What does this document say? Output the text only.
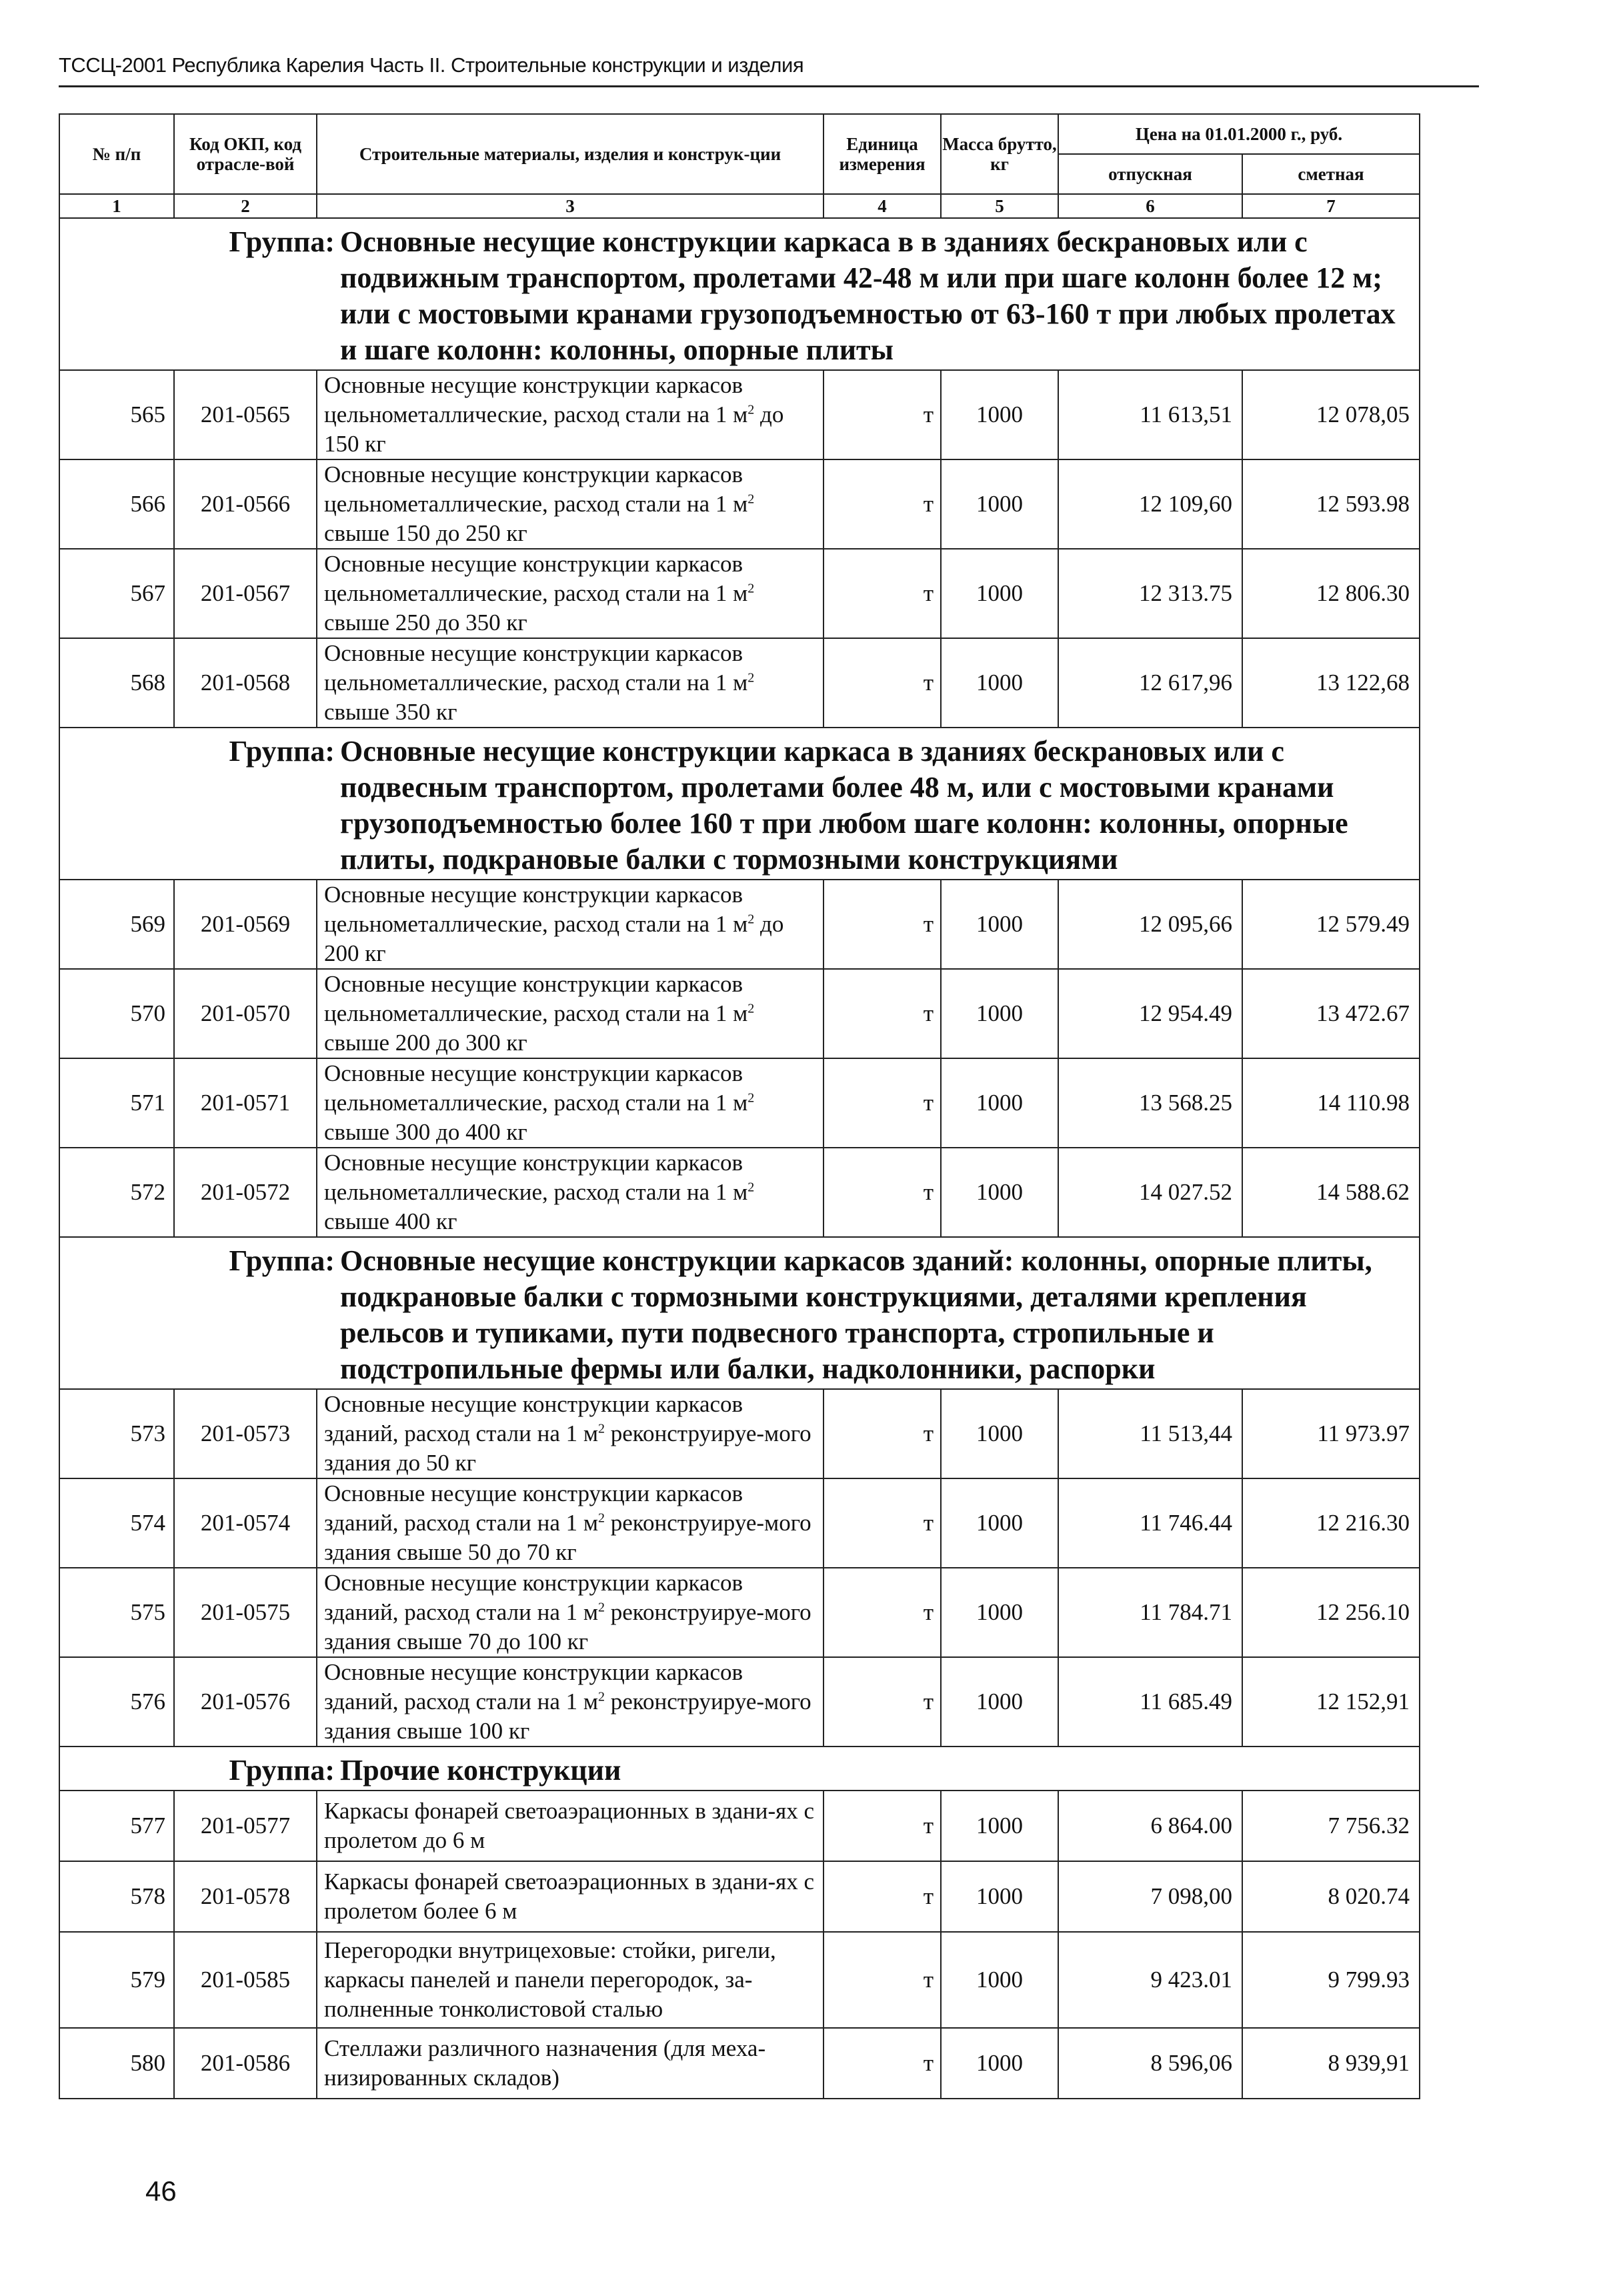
ТССЦ-2001 Республика Карелия Часть II. Строительные конструкции и изделия
№ п/п	Код ОКП, код отрасле-вой	Строительные материалы, изделия и конструк-ции	Единица измерения	Масса брутто, кг	Цена на 01.01.2000 г., руб.	
					отпускная	сметная
1	2	3	4	5	6	7

Группа: Основные несущие конструкции каркаса в в зданиях бескрановых или с подвижным транспортом, пролетами 42-48 м или при шаге колонн более 12 м; или с мостовыми кранами грузоподъемностью от 63-160 т при любых пролетах и шаге колонн: колонны, опорные плиты						

565	201-0565	Основные несущие конструкции каркасов цельнометаллические, расход стали на 1 $м^2$ до 150 кг	т	1000	11 613,51	12 078,05
566	201-0566	Основные несущие конструкции каркасов цельнометаллические, расход стали на 1 $м^2$ свыше 150 до 250 кг	т	1000	12 109,60	12 593.98
567	201-0567	Основные несущие конструкции каркасов цельнометаллические, расход стали на 1 $м^2$ свыше 250 до 350 кг	т	1000	12 313.75	12 806.30
568	201-0568	Основные несущие конструкции каркасов цельнометаллические, расход стали на 1 $м^2$ свыше 350 кг	т	1000	12 617,96	13 122,68

Группа: Основные несущие конструкции каркаса в зданиях бескрановых или с подвесным транспортом, пролетами более 48 м, или с мостовыми кранами грузоподъемностью более 160 т при любом шаге колонн: колонны, опорные плиты, подкрановые балки с тормозными конструкциями						

569	201-0569	Основные несущие конструкции каркасов цельнометаллические, расход стали на 1 $м^2$ до 200 кг	т	1000	12 095,66	12 579.49
570	201-0570	Основные несущие конструкции каркасов цельнометаллические, расход стали на 1 $м^2$ свыше 200 до 300 кг	т	1000	12 954.49	13 472.67
571	201-0571	Основные несущие конструкции каркасов цельнометаллические, расход стали на 1 $м^2$ свыше 300 до 400 кг	т	1000	13 568.25	14 110.98
572	201-0572	Основные несущие конструкции каркасов цельнометаллические, расход стали на 1 $м^2$ свыше 400 кг	т	1000	14 027.52	14 588.62

Группа: Основные несущие конструкции каркасов зданий: колонны, опорные плиты, подкрановые балки с тормозными конструкциями, деталями крепления рельсов и тупиками, пути подвесного транспорта, стропильные и подстропильные фермы или балки, надколонники, распорки						

573	201-0573	Основные несущие конструкции каркасов зданий, расход стали на 1 $м^2$ реконструируе-мого здания до 50 кг	т	1000	11 513,44	11 973.97
574	201-0574	Основные несущие конструкции каркасов зданий, расход стали на 1 $м^2$ реконструируе-мого здания свыше 50 до 70 кг	т	1000	11 746.44	12 216.30
575	201-0575	Основные несущие конструкции каркасов зданий, расход стали на 1 $м^2$ реконструируе-мого здания свыше 70 до 100 кг	т	1000	11 784.71	12 256.10
576	201-0576	Основные несущие конструкции каркасов зданий, расход стали на 1 $м^2$ реконструируе-мого здания свыше 100 кг	т	1000	11 685.49	12 152,91

Группа: Прочие конструкции						

577	201-0577	Каркасы фонарей светоаэрационных в здани-ях с пролетом до 6 м	т	1000	6 864.00	7 756.32
578	201-0578	Каркасы фонарей светоаэрационных в здани-ях с пролетом более 6 м	т	1000	7 098,00	8 020.74
579	201-0585	Перегородки внутрицеховые: стойки, ригели, каркасы панелей и панели перегородок, за-полненные тонколистовой сталью	т	1000	9 423.01	9 799.93
580	201-0586	Стеллажи различного назначения (для меха-низированных складов)	т	1000	8 596,06	8 939,91
46
